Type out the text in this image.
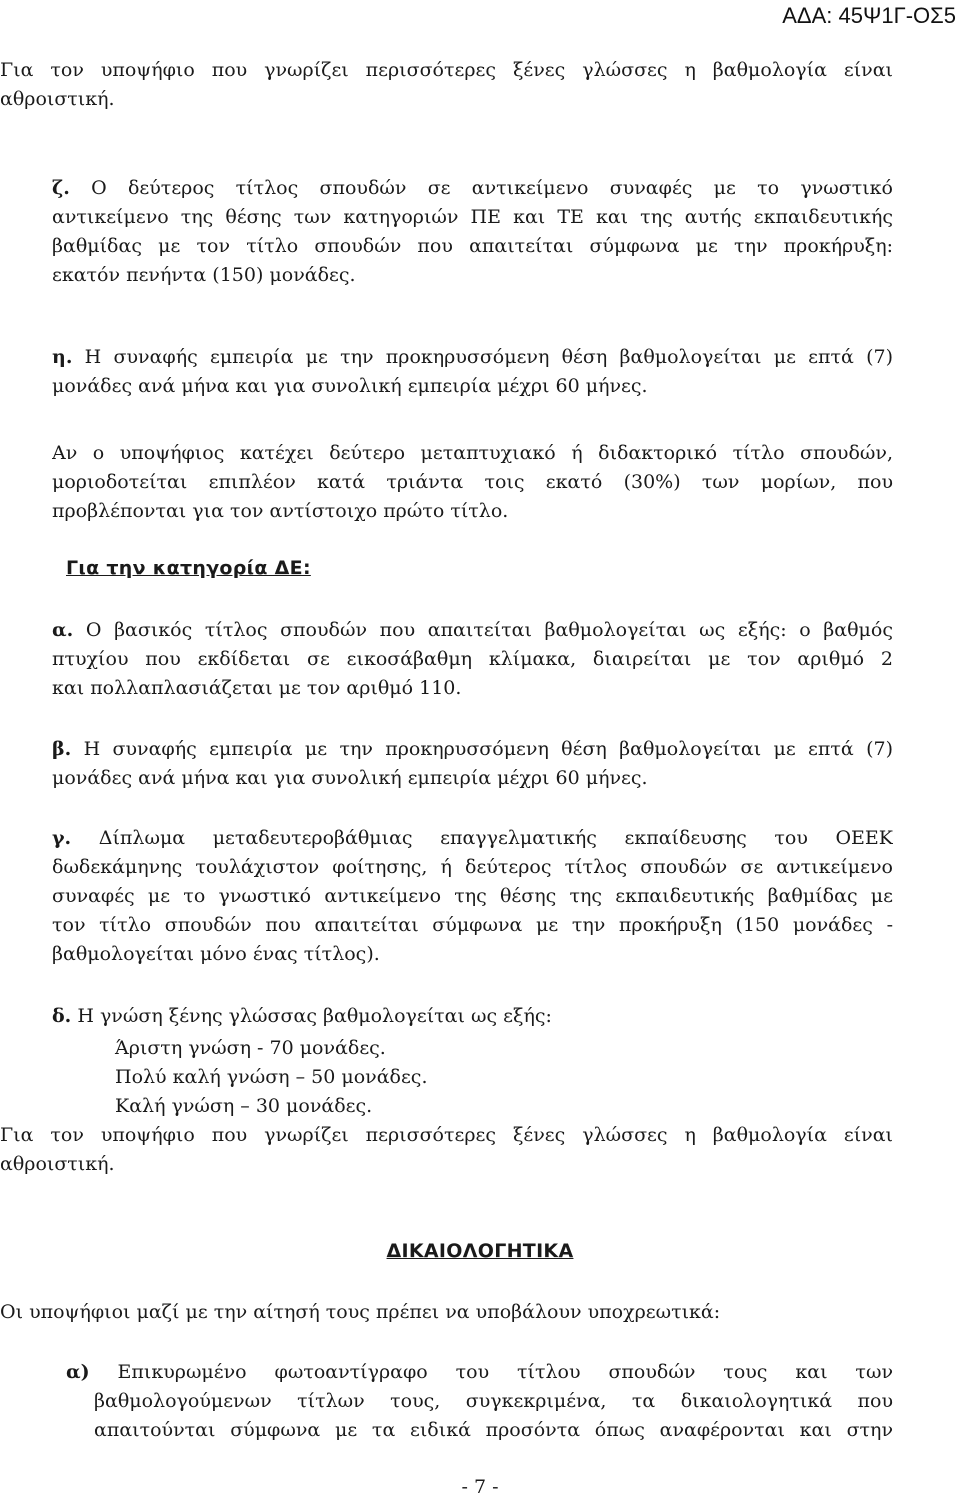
ΑΔΑ: 45Ψ1Γ-ΟΣ5
Για τον υποψήφιο που γνωρίζει περισσότερες ξένες γλώσσες η βαθμολογία είναι
αθροιστική.
ζ. Ο δεύτερος τίτλος σπουδών σε αντικείμενο συναφές με το γνωστικό
αντικείμενο της θέσης των κατηγοριών ΠΕ και ΤΕ και της αυτής εκπαιδευτικής
βαθμίδας με τον τίτλο σπουδών που απαιτείται σύμφωνα με την προκήρυξη:
εκατόν πενήντα (150) μονάδες.
η. Η συναφής εμπειρία με την προκηρυσσόμενη θέση βαθμολογείται με επτά (7)
μονάδες ανά μήνα και για συνολική εμπειρία μέχρι 60 μήνες.
Αν ο υποψήφιος κατέχει δεύτερο μεταπτυχιακό ή διδακτορικό τίτλο σπουδών,
μοριοδοτείται επιπλέον κατά τριάντα τοις εκατό (30%) των μορίων, που
προβλέπονται για τον αντίστοιχο πρώτο τίτλο.
Για την κατηγορία ΔΕ:
α. Ο βασικός τίτλος σπουδών που απαιτείται βαθμολογείται ως εξής: ο βαθμός
πτυχίου που εκδίδεται σε εικοσάβαθμη κλίμακα, διαιρείται με τον αριθμό 2
και πολλαπλασιάζεται με τον αριθμό 110.
β. Η συναφής εμπειρία με την προκηρυσσόμενη θέση βαθμολογείται με επτά (7)
μονάδες ανά μήνα και για συνολική εμπειρία μέχρι 60 μήνες.
γ. Δίπλωμα μεταδευτεροβάθμιας επαγγελματικής εκπαίδευσης του ΟΕΕΚ
δωδεκάμηνης τουλάχιστον φοίτησης, ή δεύτερος τίτλος σπουδών σε αντικείμενο
συναφές με το γνωστικό αντικείμενο της θέσης της εκπαιδευτικής βαθμίδας με
τον τίτλο σπουδών που απαιτείται σύμφωνα με την προκήρυξη (150 μονάδες -
βαθμολογείται μόνο ένας τίτλος).
δ. Η γνώση ξένης γλώσσας βαθμολογείται ως εξής:
Άριστη γνώση - 70 μονάδες.
Πολύ καλή γνώση – 50 μονάδες.
Καλή γνώση – 30 μονάδες.
Για τον υποψήφιο που γνωρίζει περισσότερες ξένες γλώσσες η βαθμολογία είναι
αθροιστική.
ΔΙΚΑΙΟΛΟΓΗΤΙΚΑ
Οι υποψήφιοι μαζί με την αίτησή τους πρέπει να υποβάλουν υποχρεωτικά:
α) Επικυρωμένο φωτοαντίγραφο του τίτλου σπουδών τους και των
βαθμολογούμενων τίτλων τους, συγκεκριμένα, τα δικαιολογητικά που
απαιτούνται σύμφωνα με τα ειδικά προσόντα όπως αναφέρονται και στην
- 7 -
